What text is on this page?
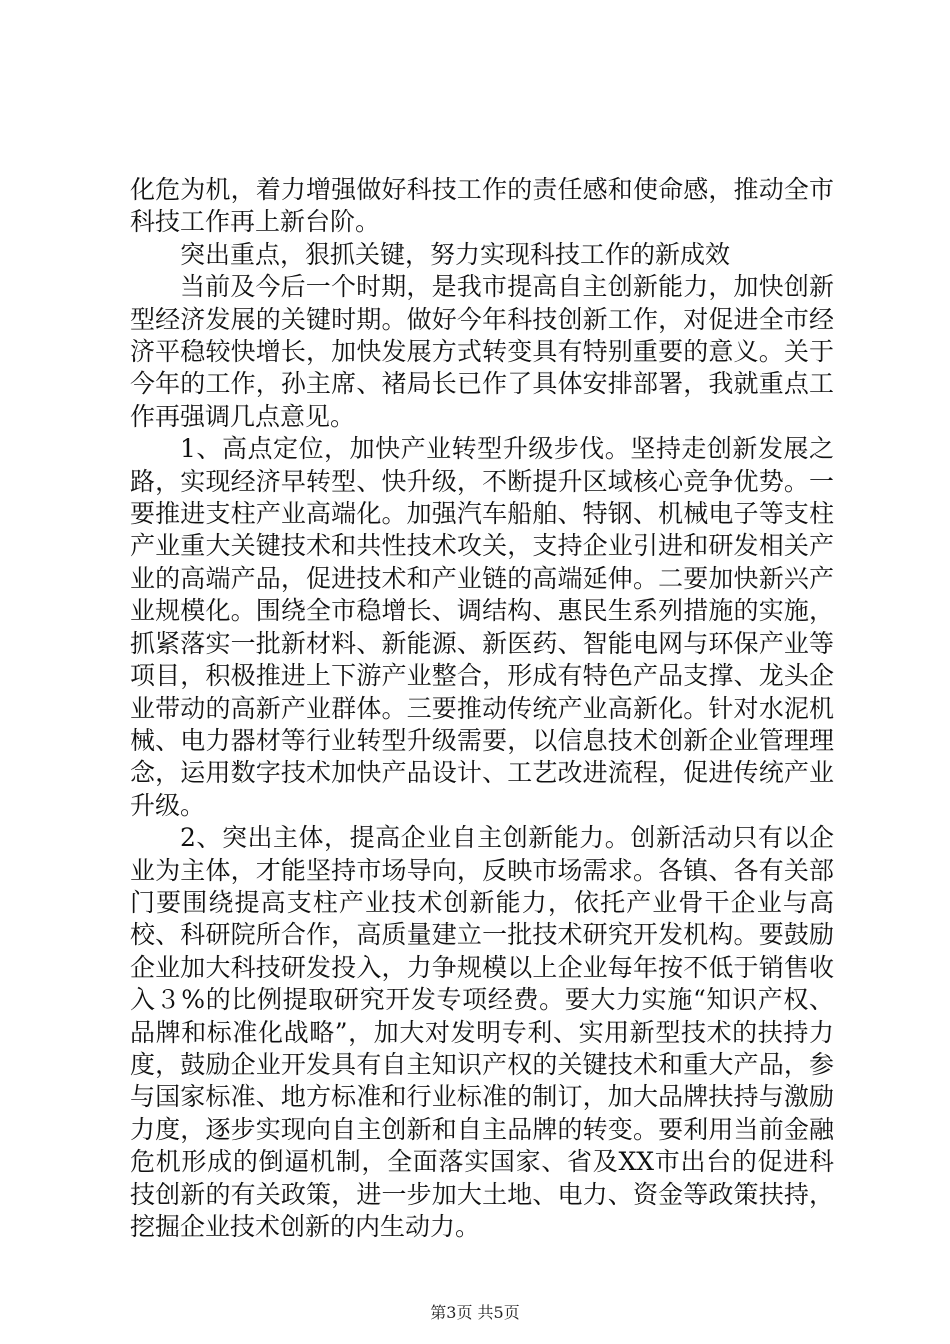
化危为机，着力增强做好科技工作的责任感和使命感，推动全市科技工作再上新台阶。

突出重点，狠抓关键，努力实现科技工作的新成效

当前及今后一个时期，是我市提高自主创新能力，加快创新型经济发展的关键时期。做好今年科技创新工作，对促进全市经济平稳较快增长，加快发展方式转变具有特别重要的意义。关于今年的工作，孙主席、褚局长已作了具体安排部署，我就重点工作再强调几点意见。

1、高点定位，加快产业转型升级步伐。坚持走创新发展之路，实现经济早转型、快升级，不断提升区域核心竞争优势。一要推进支柱产业高端化。加强汽车船舶、特钢、机械电子等支柱产业重大关键技术和共性技术攻关，支持企业引进和研发相关产业的高端产品，促进技术和产业链的高端延伸。二要加快新兴产业规模化。围绕全市稳增长、调结构、惠民生系列措施的实施，抓紧落实一批新材料、新能源、新医药、智能电网与环保产业等项目，积极推进上下游产业整合，形成有特色产品支撑、龙头企业带动的高新产业群体。三要推动传统产业高新化。针对水泥机械、电力器材等行业转型升级需要，以信息技术创新企业管理理念，运用数字技术加快产品设计、工艺改进流程，促进传统产业升级。

2、突出主体，提高企业自主创新能力。创新活动只有以企业为主体，才能坚持市场导向，反映市场需求。各镇、各有关部门要围绕提高支柱产业技术创新能力，依托产业骨干企业与高校、科研院所合作，高质量建立一批技术研究开发机构。要鼓励企业加大科技研发投入，力争规模以上企业每年按不低于销售收入３%的比例提取研究开发专项经费。要大力实施“知识产权、品牌和标准化战略”，加大对发明专利、实用新型技术的扶持力度，鼓励企业开发具有自主知识产权的关键技术和重大产品，参与国家标准、地方标准和行业标准的制订，加大品牌扶持与激励力度，逐步实现向自主创新和自主品牌的转变。要利用当前金融危机形成的倒逼机制，全面落实国家、省及XX市出台的促进科技创新的有关政策，进一步加大土地、电力、资金等政策扶持，挖掘企业技术创新的内生动力。

第3页 共5页
